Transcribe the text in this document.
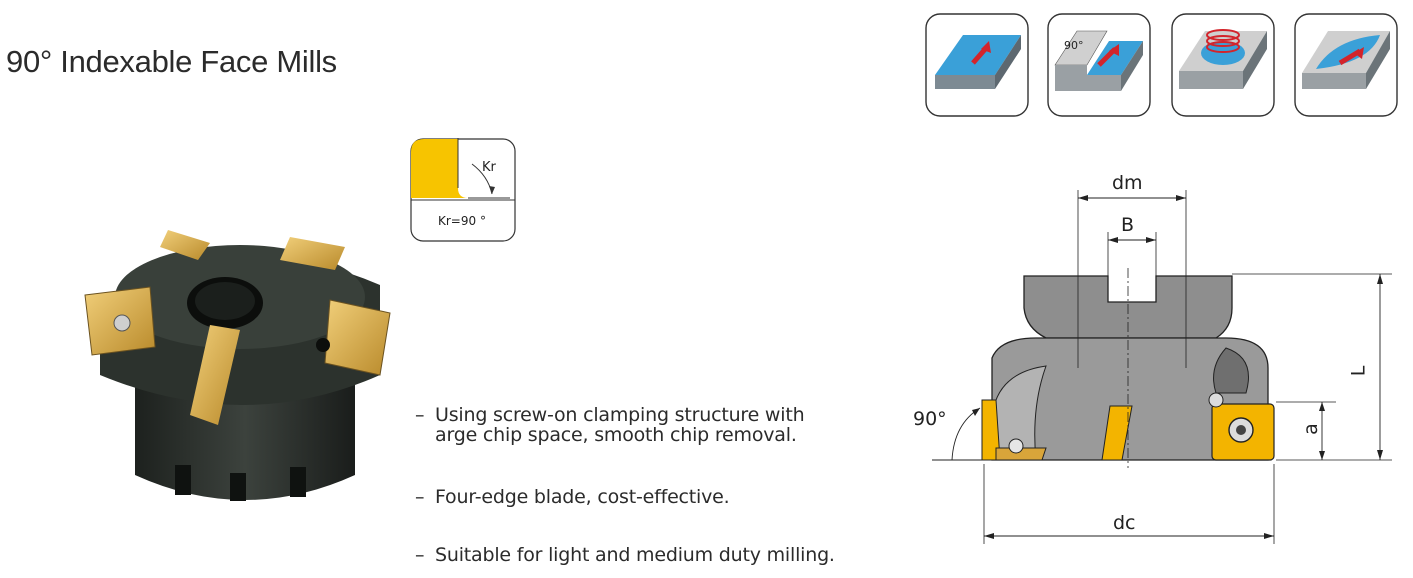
90° Indexable Face Mills
Kr
Kr=90 °
– Using screw-on clamping structure with
arge chip space, smooth chip removal.
– Four-edge blade, cost-effective.
– Suitable for light and medium duty milling.
90°
dm
B
L
a
dc
90°
